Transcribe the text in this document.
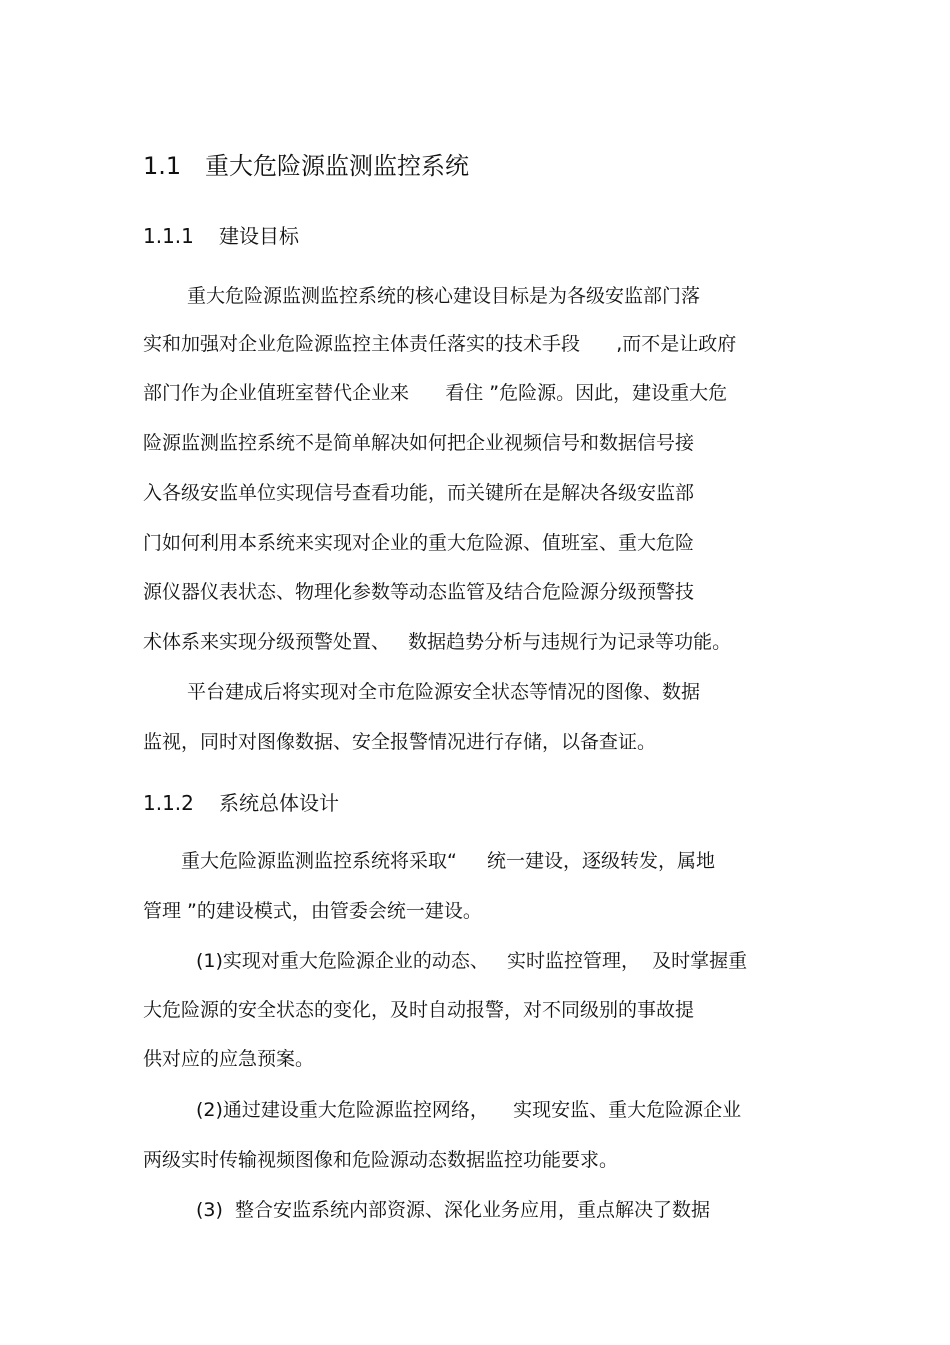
1.1 重大危险源监测监控系统
1.1.1 建设目标
重大危险源监测监控系统的核心建设目标是为各级安监部门落
实和加强对企业危险源监控主体责任落实的技术手段      ,而不是让政府
部门作为企业值班室替代企业来      看住 ”危险源。因此，建设重大危
险源监测监控系统不是简单解决如何把企业视频信号和数据信号接
入各级安监单位实现信号查看功能，而关键所在是解决各级安监部
门如何利用本系统来实现对企业的重大危险源、值班室、重大危险
源仪器仪表状态、物理化参数等动态监管及结合危险源分级预警技
术体系来实现分级预警处置、   数据趋势分析与违规行为记录等功能。
平台建成后将实现对全市危险源安全状态等情况的图像、数据
监视，同时对图像数据、安全报警情况进行存储，以备查证。
1.1.2 系统总体设计
重大危险源监测监控系统将采取“     统一建设，逐级转发，属地
管理 ”的建设模式，由管委会统一建设。
(1)实现对重大危险源企业的动态、   实时监控管理，  及时掌握重
大危险源的安全状态的变化，及时自动报警，对不同级别的事故提
供对应的应急预案。
(2)通过建设重大危险源监控网络，    实现安监、重大危险源企业
两级实时传输视频图像和危险源动态数据监控功能要求。
(3)  整合安监系统内部资源、深化业务应用，重点解决了数据
